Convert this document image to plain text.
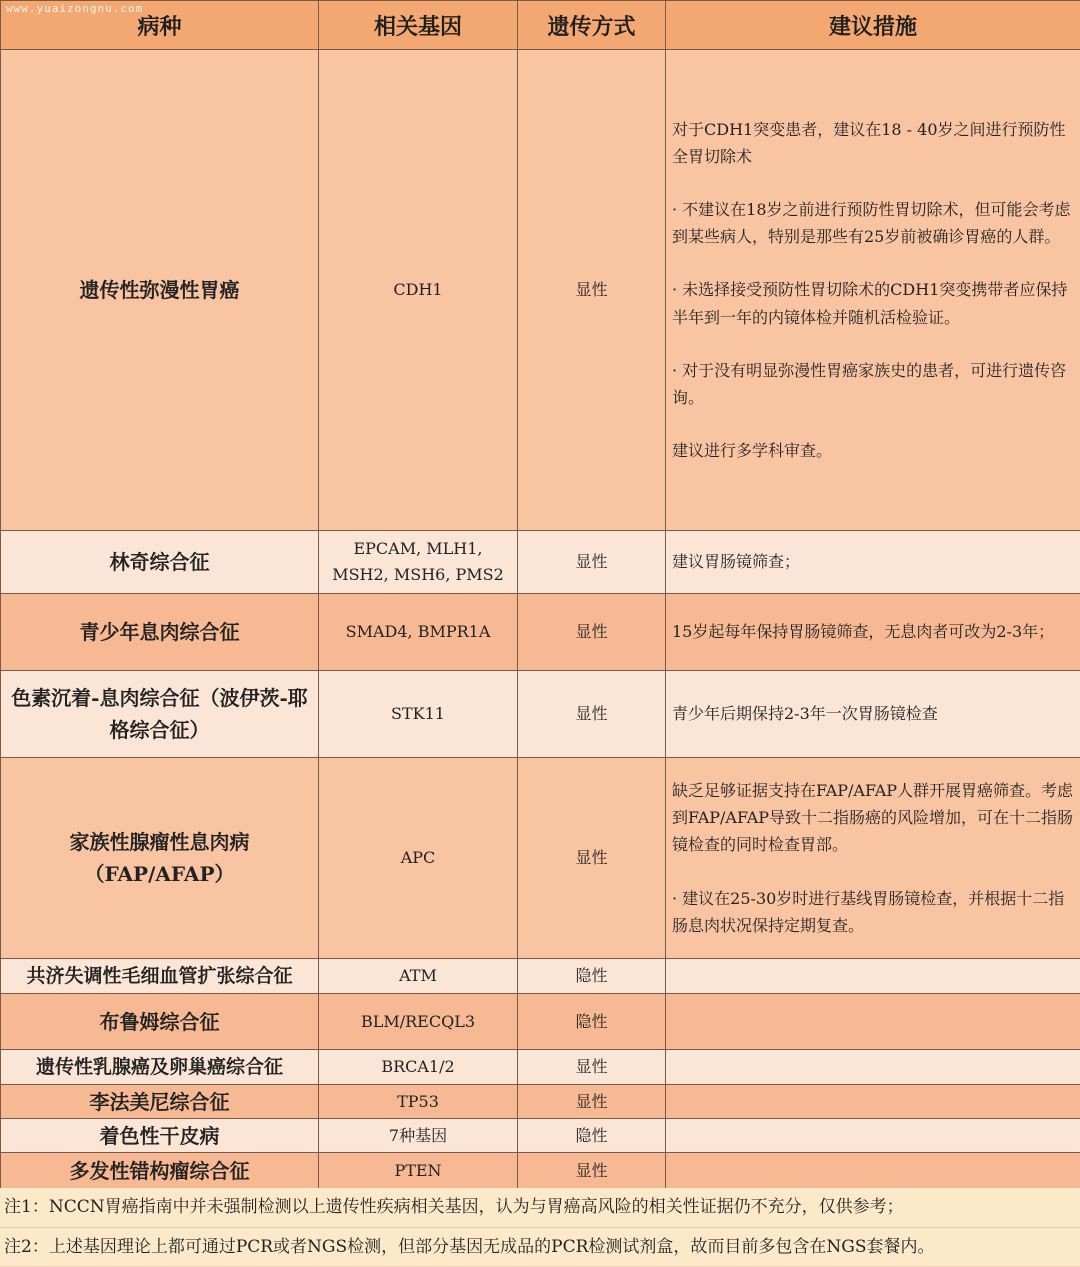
www.yuaizongnu.com
病种	相关基因	遗传方式	建议措施
遗传性弥漫性胃癌	CDH1	显性	对于CDH1突变患者，建议在18 - 40岁之间进行预防性全胃切除术

· 不建议在18岁之前进行预防性胃切除术，但可能会考虑到某些病人，特别是那些有25岁前被确诊胃癌的人群。

· 未选择接受预防性胃切除术的CDH1突变携带者应保持半年到一年的内镜体检并随机活检验证。

· 对于没有明显弥漫性胃癌家族史的患者，可进行遗传咨询。

建议进行多学科审查。

林奇综合征	EPCAM, MLH1, MSH2, MSH6, PMS2	显性	建议胃肠镜筛查；

青少年息肉综合征	SMAD4, BMPR1A	显性	15岁起每年保持胃肠镜筛查，无息肉者可改为2-3年；

色素沉着-息肉综合征（波伊茨-耶格综合征）	STK11	显性	青少年后期保持2-3年一次胃肠镜检查

家族性腺瘤性息肉病（FAP/AFAP）	APC	显性	缺乏足够证据支持在FAP/AFAP人群开展胃癌筛查。考虑到FAP/AFAP导致十二指肠癌的风险增加，可在十二指肠镜检查的同时检查胃部。

· 建议在25-30岁时进行基线胃肠镜检查，并根据十二指肠息肉状况保持定期复查。

共济失调性毛细血管扩张综合征	ATM	隐性	
布鲁姆综合征	BLM/RECQL3	隐性	
遗传性乳腺癌及卵巢癌综合征	BRCA1/2	显性	
李法美尼综合征	TP53	显性	
着色性干皮病	7种基因	隐性	
多发性错构瘤综合征	PTEN	显性	
注1：NCCN胃癌指南中并未强制检测以上遗传性疾病相关基因，认为与胃癌高风险的相关性证据仍不充分，仅供参考；
注2：上述基因理论上都可通过PCR或者NGS检测，但部分基因无成品的PCR检测试剂盒，故而目前多包含在NGS套餐内。
